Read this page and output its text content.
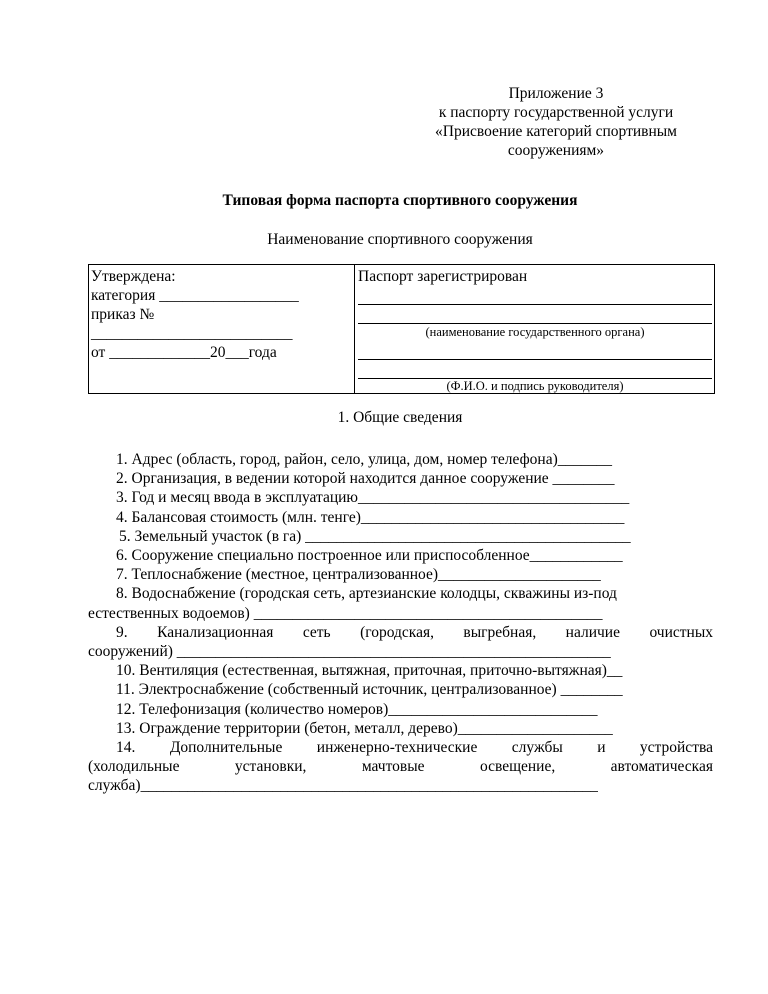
Приложение 3
к паспорту государственной услуги
«Присвоение категорий спортивным
сооружениям»
Типовая форма паспорта спортивного сооружения
Наименование спортивного сооружения
Утверждена:
категория __________________
приказ №
__________________________
от _____________20___года
Паспорт зарегистрирован
(наименование государственного органа)
(Ф.И.О. и подпись руководителя)
1. Общие сведения
1. Адрес (область, город, район, село, улица, дом, номер телефона)_______
2. Организация, в ведении которой находится данное сооружение ________
3. Год и месяц ввода в эксплуатацию___________________________________
4. Балансовая стоимость (млн. тенге)__________________________________
5. Земельный участок (в га) __________________________________________
6. Сооружение специально построенное или приспособленное____________
7. Теплоснабжение (местное, централизованное)_____________________
8. Водоснабжение (городская сеть, артезианские колодцы, скважины из-под
естественных водоемов) _____________________________________________
9. Канализационная сеть (городская, выгребная, наличие очистных
сооружений) ________________________________________________________
10. Вентиляция (естественная, вытяжная, приточная, приточно-вытяжная)__
11. Электроснабжение (собственный источник, централизованное) ________
12. Телефонизация (количество номеров)___________________________
13. Ограждение территории (бетон, металл, дерево)____________________
14. Дополнительные инженерно-технические службы и устройства
(холодильные	установки,	мачтовые	освещение,	автоматическая
служба)___________________________________________________________
